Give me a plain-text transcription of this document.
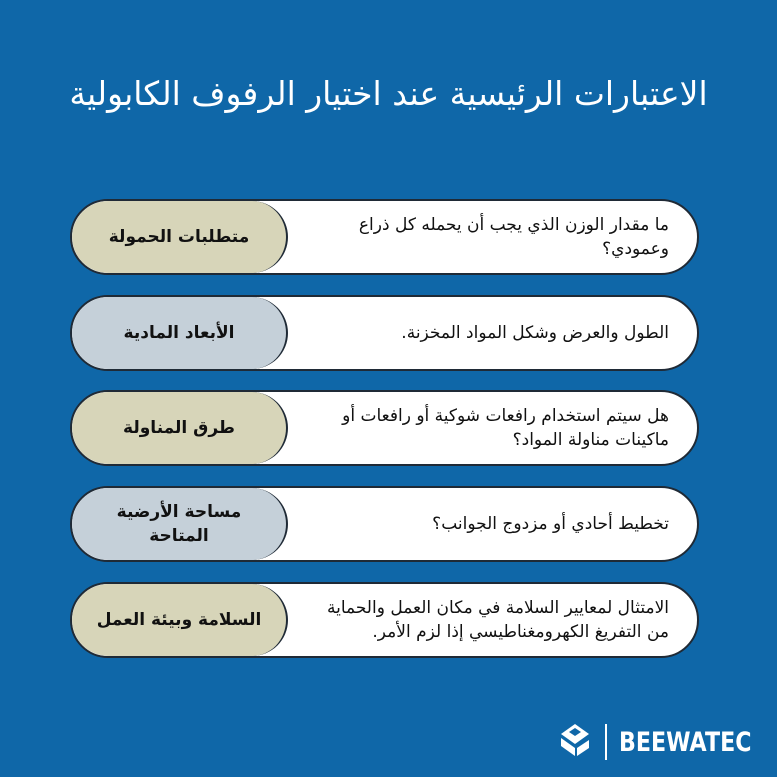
الاعتبارات الرئيسية عند اختيار الرفوف الكابولية
متطلبات الحمولة
ما مقدار الوزن الذي يجب أن يحمله كل ذراع وعمودي؟
الأبعاد المادية	الطول والعرض وشكل المواد المخزنة.
طرق المناولة
هل سيتم استخدام رافعات شوكية أو رافعات أو ماكينات مناولة المواد؟
مساحة الأرضية المتاحة
تخطيط أحادي أو مزدوج الجوانب؟
السلامة وبيئة العمل
الامتثال لمعايير السلامة في مكان العمل والحماية من التفريغ الكهرومغناطيسي إذا لزم الأمر.
BEEWATEC
